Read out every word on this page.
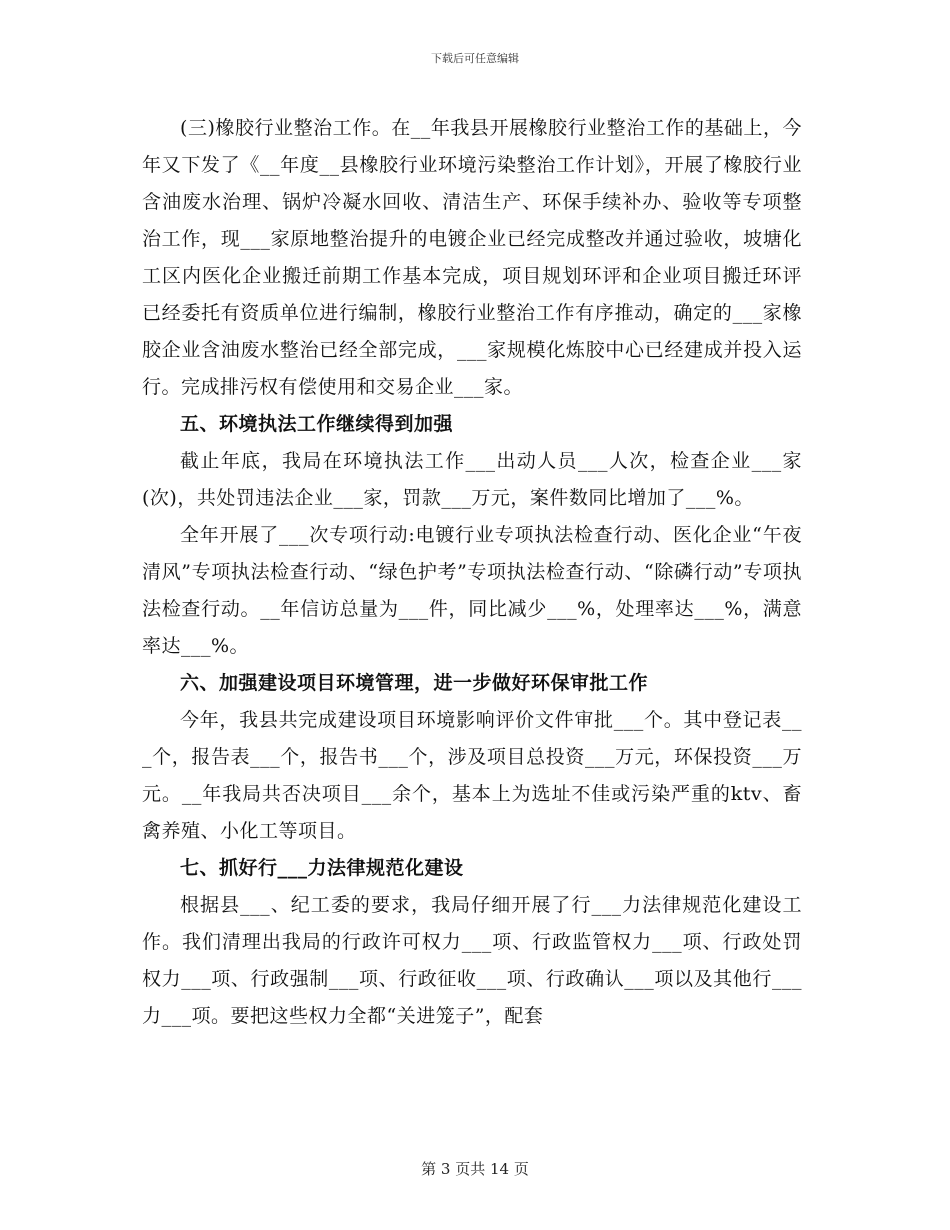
下载后可任意编辑

(三)橡胶行业整治工作。在__年我县开展橡胶行业整治工作的基础上，今年又下发了《__年度__县橡胶行业环境污染整治工作计划》，开展了橡胶行业含油废水治理、锅炉冷凝水回收、清洁生产、环保手续补办、验收等专项整治工作，现___家原地整治提升的电镀企业已经完成整改并通过验收，坡塘化工区内医化企业搬迁前期工作基本完成，项目规划环评和企业项目搬迁环评已经委托有资质单位进行编制，橡胶行业整治工作有序推动，确定的___家橡胶企业含油废水整治已经全部完成，___家规模化炼胶中心已经建成并投入运行。完成排污权有偿使用和交易企业___家。

五、环境执法工作继续得到加强

截止年底，我局在环境执法工作___出动人员___人次，检查企业___家(次)，共处罚违法企业___家，罚款___万元，案件数同比增加了___%。

全年开展了___次专项行动:电镀行业专项执法检查行动、医化企业“午夜清风”专项执法检查行动、“绿色护考”专项执法检查行动、“除磷行动”专项执法检查行动。__年信访总量为___件，同比减少___%，处理率达___%，满意率达___%。

六、加强建设项目环境管理，进一步做好环保审批工作

今年，我县共完成建设项目环境影响评价文件审批___个。其中登记表___个，报告表___个，报告书___个，涉及项目总投资___万元，环保投资___万元。__年我局共否决项目___余个，基本上为选址不佳或污染严重的ktv、畜禽养殖、小化工等项目。

七、抓好行___力法律规范化建设

根据县___、纪工委的要求，我局仔细开展了行___力法律规范化建设工作。我们清理出我局的行政许可权力___项、行政监管权力___项、行政处罚权力___项、行政强制___项、行政征收___项、行政确认___项以及其他行___力___项。要把这些权力全都“关进笼子”，配套

第 3 页共 14 页
